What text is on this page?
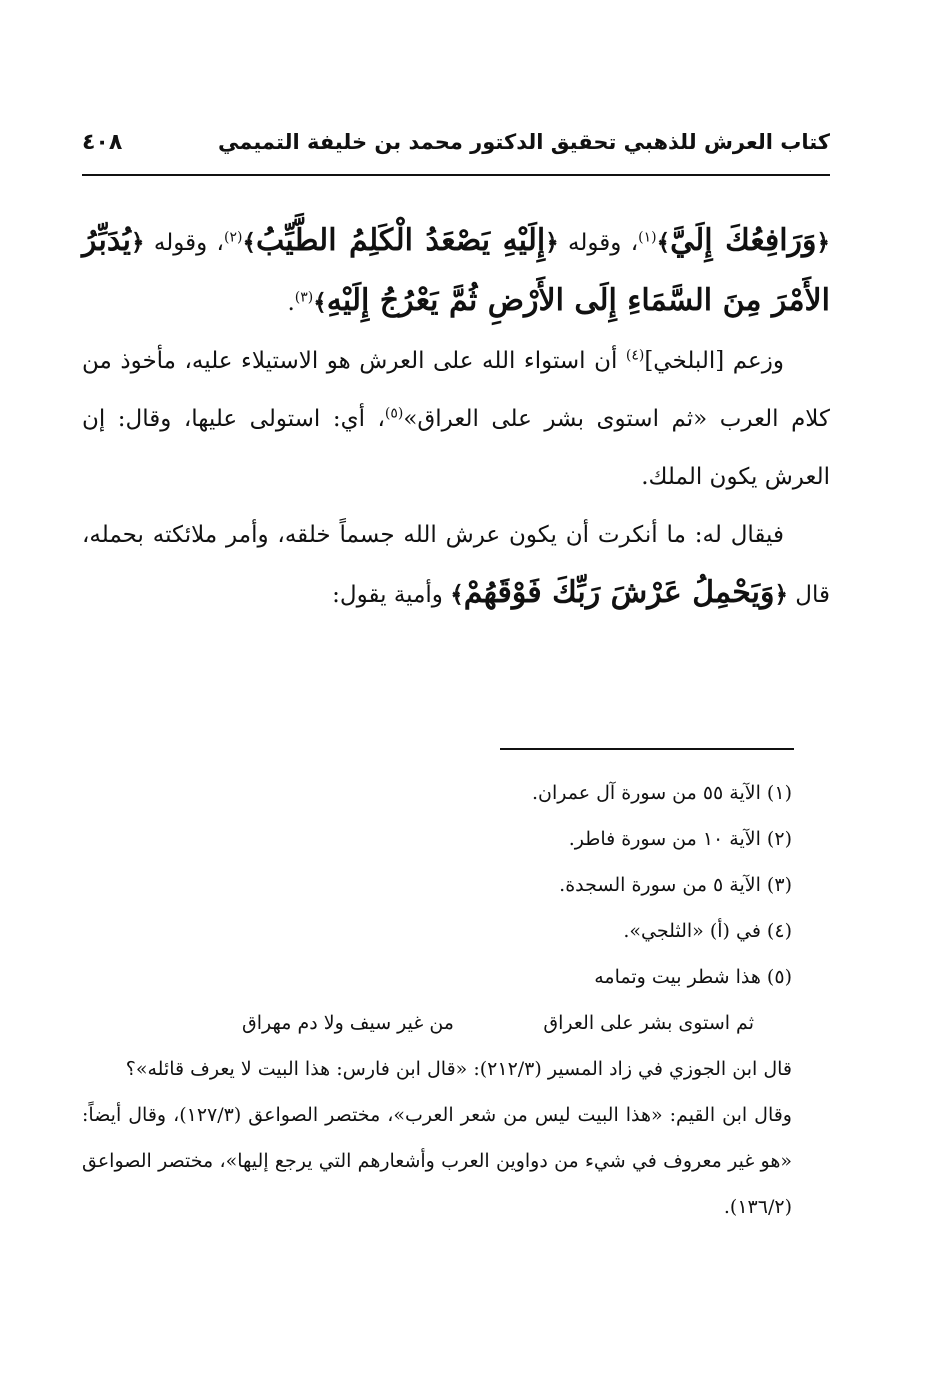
كتاب العرش للذهبي تحقيق الدكتور محمد بن خليفة التميمي
٤٠٨

﴿وَرَافِعُكَ إِلَيَّ﴾$^{(١)}$، وقوله ﴿إِلَيْهِ يَصْعَدُ الْكَلِمُ الطَّيِّبُ﴾$^{(٢)}$، وقوله ﴿يُدَبِّرُ الأَمْرَ مِنَ السَّمَاءِ إِلَى الأَرْضِ ثُمَّ يَعْرُجُ إِلَيْهِ﴾$^{(٣)}$.

وزعم [البلخي]$^{(٤)}$ أن استواء الله على العرش هو الاستيلاء عليه، مأخوذ من كلام العرب «ثم استوى بشر على العراق»$^{(٥)}$، أي: استولى عليها، وقال: إن العرش يكون الملك.

فيقال له: ما أنكرت أن يكون عرش الله جسماً خلقه، وأمر ملائكته بحمله، قال ﴿وَيَحْمِلُ عَرْشَ رَبِّكَ فَوْقَهُمْ﴾ وأمية يقول:

(١) الآية ٥٥ من سورة آل عمران.

(٢) الآية ١٠ من سورة فاطر.

(٣) الآية ٥ من سورة السجدة.

(٤) في (أ) «الثلجي».

(٥) هذا شطر بيت وتمامه

ثم استوى بشر على العراق
من غير سيف ولا دم مهراق

قال ابن الجوزي في زاد المسير (٢١٢/٣): «قال ابن فارس: هذا البيت لا يعرف قائله»؟

وقال ابن القيم: «هذا البيت ليس من شعر العرب»، مختصر الصواعق (١٢٧/٣)، وقال أيضاً: «هو غير معروف في شيء من دواوين العرب وأشعارهم التي يرجع إليها»، مختصر الصواعق (١٣٦/٢).
